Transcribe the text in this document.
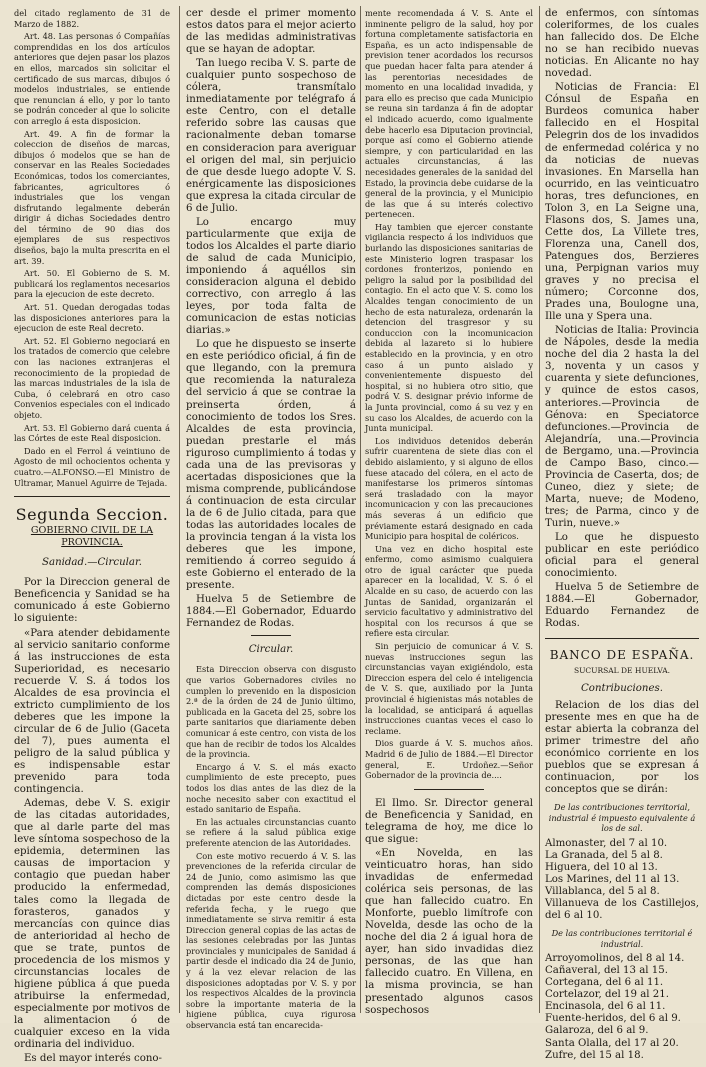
del citado reglamento de 31 de Marzo de 1882.

Art. 48. Las personas ó Compañías comprendidas en los dos artículos anteriores que dejen pasar los plazos en ellos, marcados sin solicitar el certificado de sus marcas, dibujos ó modelos industriales, se entiende que renuncian á ello, y por lo tanto se podrán conceder al que lo solicite con arreglo á esta disposicion.

Art. 49. A fin de formar la coleccion de diseños de marcas, dibujos ó modelos que se han de conservar en las Reales Sociedades Económicas, todos los comerciantes, fabricantes, agricultores ó industriales que los vengan disfrutando legalmente deberán dirigir á dichas Sociedades dentro del término de 90 dias dos ejemplares de sus respectivos diseños, bajo la multa prescrita en el art. 39.

Art. 50. El Gobierno de S. M. publicará los reglamentos necesarios para la ejecucion de este decreto.

Art. 51. Quedan derogadas todas las disposiciones anteriores para la ejecucion de este Real decreto.

Art. 52. El Gobierno negociará en los tratados de comercio que celebre con las naciones extranjeras el reconocimiento de la propiedad de las marcas industriales de la isla de Cuba, ó celebrará en otro caso Convenios especiales con el indicado objeto.

Art. 53. El Gobierno dará cuenta á las Córtes de este Real disposicion.

Dado en el Ferrol á veintiuno de Agosto de mil ochocientos ochenta y cuatro.—ALFONSO.—El Ministro de Ultramar, Manuel Aguirre de Tejada.

Segunda Seccion.
GOBIERNO CIVIL DE LA PROVINCIA.
Sanidad.—Circular.

Por la Direccion general de Beneficencia y Sanidad se ha comunicado á este Gobierno lo siguiente:

«Para atender debidamente al servicio sanitario conforme á las instrucciones de esta Superioridad, es necesario recuerde V. S. á todos los Alcaldes de esa provincia el extricto cumplimiento de los deberes que les impone la circular de 6 de Julio (Gaceta del 7), pues aumenta el peligro de la salud pública y es indispensable estar prevenido para toda contingencia.

Ademas, debe V. S. exigir de las citadas autoridades, que al darle parte del mas leve síntoma sospechoso de la epidemia, determinen las causas de importacion y contagio que puedan haber producido la enfermedad, tales como la llegada de forasteros, ganados y mercancías con quince dias de anterioridad al hecho de que se trate, puntos de procedencia de los mismos y circunstancias locales de higiene pública á que pueda atribuirse la enfermedad, especialmente por motivos de la alimentacion ó de cualquier exceso en la vida ordinaria del individuo.

Es del mayor interés cono-

cer desde el primer momento estos datos para el mejor acierto de las medidas administrativas que se hayan de adoptar.

Tan luego reciba V. S. parte de cualquier punto sospechoso de cólera, transmítalo inmediatamente por telégrafo á este Centro, con el detalle referido sobre las causas que racionalmente deban tomarse en consideracion para averiguar el origen del mal, sin perjuicio de que desde luego adopte V. S. enérgicamente las disposiciones que expresa la citada circular de 6 de Julio.

Lo encargo muy particularmente que exija de todos los Alcaldes el parte diario de salud de cada Municipio, imponiendo á aquéllos sin consideracion alguna el debido correctivo, con arreglo á las leyes, por toda falta de comunicacion de estas noticias diarias.»

Lo que he dispuesto se inserte en este periódico oficial, á fin de que llegando, con la premura que recomienda la naturaleza del servicio á que se contrae la preinserta órden, á conocimiento de todos los Sres. Alcaldes de esta provincia, puedan prestarle el más riguroso cumplimiento á todas y cada una de las previsoras y acertadas disposiciones que la misma comprende, publicándose á continuacion de esta circular la de 6 de Julio citada, para que todas las autoridades locales de la provincia tengan á la vista los deberes que les impone, remitiendo á correo seguido á este Gobierno el enterado de la presente.

Huelva 5 de Setiembre de 1884.—El Gobernador, Eduardo Fernandez de Rodas.

Circular.

Esta Direccion observa con disgusto que varios Gobernadores civiles no cumplen lo prevenido en la disposicion 2.ª de la órden de 24 de Junio último, publicada en la Gaceta del 25, sobre los parte sanitarios que diariamente deben comunicar á este centro, con vista de los que han de recibir de todos los Alcaldes de la provincia.

Encargo á V. S. el más exacto cumplimiento de este precepto, pues todos los dias antes de las diez de la noche necesito saber con exactitud el estado sanitario de España.

En las actuales circunstancias cuanto se refiere á la salud pública exige preferente atencion de las Autoridades.

Con este motivo recuerdo á V. S. las prevenciones de la referida circular de 24 de Junio, como asimismo las que comprenden las demás disposiciones dictadas por este centro desde la referida fecha, y le ruego que inmediatamente se sirva remitir á esta Direccion general copias de las actas de las sesiones celebradas por las Juntas provinciales y municipales de Sanidad á partir desde el indicado dia 24 de Junio, y á la vez elevar relacion de las disposiciones adoptadas por V. S. y por los respectivos Alcaldes de la provincia sobre la importante materia de la higiene pública, cuya rigurosa observancia está tan encarecida-

mente recomendada á V. S. Ante el inminente peligro de la salud, hoy por fortuna completamente satisfactoria en España, es un acto indispensable de prevision tener acordados los recursos que puedan hacer falta para atender á las perentorias necesidades de momento en una localidad invadida, y para ello es preciso que cada Municipio se reuna sin tardanza á fin de adoptar el indicado acuerdo, como igualmente debe hacerlo esa Diputacion provincial, porque así como el Gobierno atiende siempre, y con particularidad en las actuales circunstancias, á las necesidades generales de la sanidad del Estado, la provincia debe cuidarse de la general de la provincia, y el Municipio de las que á su interés colectivo pertenecen.

Hay tambien que ejercer constante vigilancia respecto á los individuos que burlando las disposiciones sanitarias de este Ministerio logren traspasar los cordones fronterizos, poniendo en peligro la salud por la posibilidad del contagio. En el acto que V. S. como los Alcaldes tengan conocimiento de un hecho de esta naturaleza, ordenarán la detencion del trasgresor y su conduccion con la incomunicacion debida al lazareto si lo hubiere establecido en la provincia, y en otro caso á un punto aislado y convenientemente dispuesto del hospital, si no hubiera otro sitio, que podrá V. S. designar prévio informe de la Junta provincial, como á su vez y en su caso los Alcaldes, de acuerdo con la Junta municipal.

Los individuos detenidos deberán sufrir cuarentena de siete dias con el debido aislamiento, y si alguno de ellos fuese atacado del cólera, en el acto de manifestarse los primeros síntomas será trasladado con la mayor incomunicacion y con las precauciones más severas á un edificio que préviamente estará designado en cada Municipio para hospital de coléricos.

Una vez en dicho hospital este enfermo, como asimismo cualquiera otro de igual carácter que pueda aparecer en la localidad, V. S. ó el Alcalde en su caso, de acuerdo con las Juntas de Sanidad, organizarán el servicio facultativo y administrativo del hospital con los recursos á que se refiere esta circular.

Sin perjuicio de comunicar á V. S. nuevas instrucciones segun las circunstancias vayan exigiéndolo, esta Direccion espera del celo é inteligencia de V. S. que, auxiliado por la Junta provincial é higienistas más notables de la localidad, se anticipará á aquellas instrucciones cuantas veces el caso lo reclame.

Dios guarde á V. S. muchos años. Madrid 6 de Julio de 1884.—El Director general, E. Urdoñez.—Señor Gobernador de la provincia de....

El Ilmo. Sr. Director general de Beneficencia y Sanidad, en telegrama de hoy, me dice lo que sigue:

«En Novelda, en las veinticuatro horas, han sido invadidas de enfermedad colérica seis personas, de las que han fallecido cuatro. En Monforte, pueblo limítrofe con Novelda, desde las ocho de la noche del dia 2 á igual hora de ayer, han sido invadidas diez personas, de las que han fallecido cuatro. En Villena, en la misma provincia, se han presentado algunos casos sospechosos

de enfermos, con síntomas coleriformes, de los cuales han fallecido dos. De Elche no se han recibido nuevas noticias. En Alicante no hay novedad.

Noticias de Francia: El Cónsul de España en Burdeos comunica haber fallecido en el Hospital Pelegrin dos de los invadidos de enfermedad colérica y no da noticias de nuevas invasiones. En Marsella han ocurrido, en las veinticuatro horas, tres defunciones, en Tolon 3, en La Seigne una, Flasons dos, S. James una, Cette dos, La Villete tres, Florenza una, Canell dos, Patengues dos, Berzieres una, Perpignan varios muy graves y no precisa el número; Corconne dos, Prades una, Boulogne una, Ille una y Spera una.

Noticias de Italia: Provincia de Nápoles, desde la media noche del dia 2 hasta la del 3, noventa y un casos y cuarenta y siete defunciones, y quince de estos casos, anteriores.—Provincia de Génova: en Speciatorce defunciones.—Provincia de Alejandría, una.—Provincia de Bergamo, una.—Provincia de Campo Baso, cinco.—Provincia de Caserta, dos; de Cuneo, diez y siete; de Marta, nueve; de Modeno, tres; de Parma, cinco y de Turin, nueve.»

Lo que he dispuesto publicar en este periódico oficial para el general conocimiento.

Huelva 5 de Setiembre de 1884.—El Gobernador, Eduardo Fernandez de Rodas.

BANCO DE ESPAÑA.
SUCURSAL DE HUELVA.
Contribuciones.

Relacion de los dias del presente mes en que ha de estar abierta la cobranza del primer trimestre del año económico corriente en los pueblos que se expresan á continuacion, por los conceptos que se dirán:

De las contribuciones territorial, industrial é impuesto equivalente á los de sal.

Almonaster, del 7 al 10.
La Granada, del 5 al 8.
Higuera, del 10 al 13.
Los Marines, del 11 al 13.
Villablanca, del 5 al 8.
Villanueva de los Castillejos, del 6 al 10.

De las contribuciones territorial é industrial.

Arroyomolinos, del 8 al 14.
Cañaveral, del 13 al 15.
Cortegana, del 6 al 11.
Cortelazor, del 19 al 21.
Encinasola, del 6 al 11.
Fuente-heridos, del 6 al 9.
Galaroza, del 6 al 9.
Santa Olalla, del 17 al 20.
Zufre, del 15 al 18.
